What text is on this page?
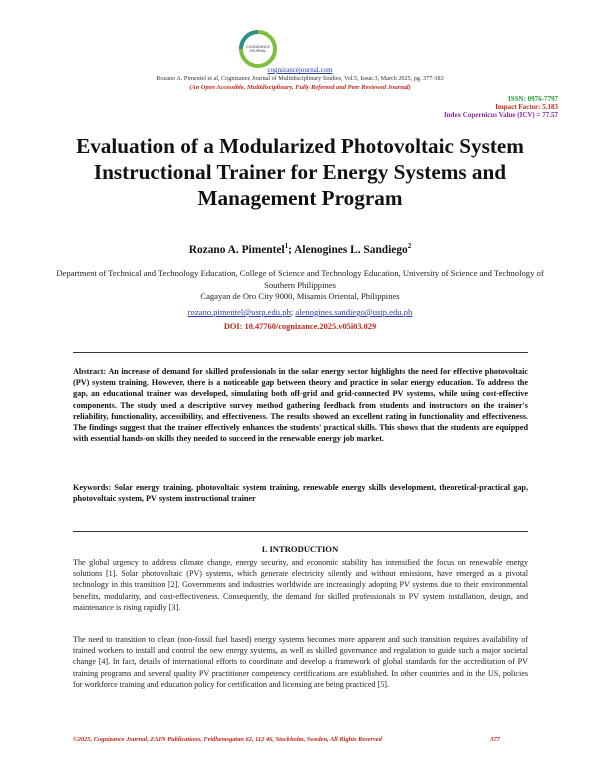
COGNIZANCE JOURNAL
cognizancejournal.com
Rozano A. Pimentel et al, Cognizance Journal of Multidisciplinary Studies, Vol.5, Issue.3, March 2025, pg. 377-383
(An Open Accessible, Multidisciplinary, Fully Refereed and Peer Reviewed Journal)
ISSN: 0976-7797
Impact Factor: 5.183
Index Copernicus Value (ICV) = 77.57
Evaluation of a Modularized Photovoltaic System Instructional Trainer for Energy Systems and Management Program
Rozano A. Pimentel$^1$; Alenogines L. Sandiego$^2$
Department of Technical and Technology Education, College of Science and Technology Education, University of Science and Technology of Southern Philippines
Cagayan de Oro City 9000, Misamis Oriental, Philippines
rozano.pimentel@ustp.edu.ph; alenogines.sandiego@ustp.edu.ph
DOI: 10.47760/cognizance.2025.v05i03.029
Abstract: An increase of demand for skilled professionals in the solar energy sector highlights the need for effective photovoltaic (PV) system training. However, there is a noticeable gap between theory and practice in solar energy education. To address the gap, an educational trainer was developed, simulating both off-grid and grid-connected PV systems, while using cost-effective components. The study used a descriptive survey method gathering feedback from students and instructors on the trainer's reliability, functionality, accessibility, and effectiveness. The results showed an excellent rating in functionality and effectiveness. The findings suggest that the trainer effectively enhances the students' practical skills. This shows that the students are equipped with essential hands-on skills they needed to succeed in the renewable energy job market.
Keywords: Solar energy training, photovoltaic system training, renewable energy skills development, theoretical-practical gap, photovoltaic system, PV system instructional trainer
I. INTRODUCTION
The global urgency to address climate change, energy security, and economic stability has intensified the focus on renewable energy solutions [1]. Solar photovoltaic (PV) systems, which generate electricity silently and without emissions, have emerged as a pivotal technology in this transition [2]. Governments and industries worldwide are increasingly adopting PV systems due to their environmental benefits, modularity, and cost-effectiveness. Consequently, the demand for skilled professionals in PV system installation, design, and maintenance is rising rapidly [3].
The need to transition to clean (non-fossil fuel based) energy systems becomes more apparent and such transition requires availability of trained workers to install and control the new energy systems, as well as skilled governance and regulation to guide such a major societal change [4]. In fact, details of international efforts to coordinate and develop a framework of global standards for the accreditation of PV training programs and several quality PV practitioner competency certifications are established. In other countries and in the US, policies for workforce training and education policy for certification and licensing are being practiced [5].
©2025, Cognizance Journal, ZAIN Publications, Fridhemsgatan 62, 112 46, Stockholm, Sweden, All Rights Reserved	377
